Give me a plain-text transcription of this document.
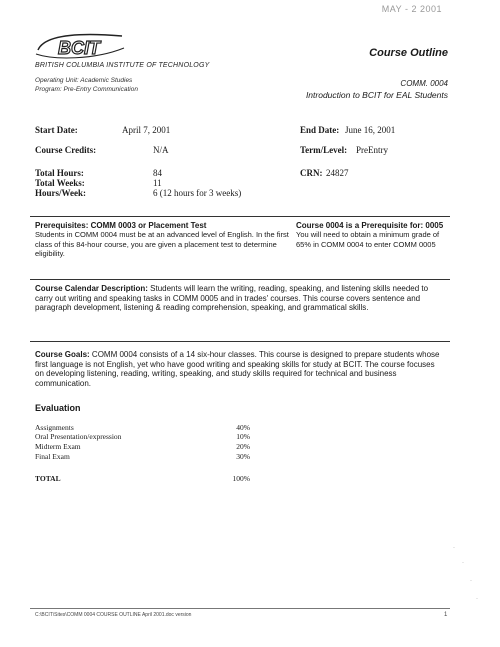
MAY - 2 2001
BCIT
BRITISH COLUMBIA INSTITUTE OF TECHNOLOGY
Operating Unit: Academic Studies
Program: Pre-Entry Communication
Course Outline
COMM. 0004
Introduction to BCIT for EAL Students
Start Date:	April 7, 2001	End Date: June 16, 2001
Course Credits:	N/A	Term/Level: PreEntry
Total Hours:	84	CRN: 24827
Total Weeks:	11
Hours/Week:	6 (12 hours for 3 weeks)
Prerequisites: COMM 0003 or Placement Test
Students in COMM 0004 must be at an advanced level of English. In the first class of this 84-hour course, you are given a placement test to determine eligibility.
Course 0004 is a Prerequisite for: 0005
You will need to obtain a minimum grade of 65% in COMM 0004 to enter COMM 0005
Course Calendar Description: Students will learn the writing, reading, speaking, and listening skills needed to carry out writing and speaking tasks in COMM 0005 and in trades' courses. This course covers sentence and paragraph development, listening & reading comprehension, speaking, and grammatical skills.
Course Goals: COMM 0004 consists of a 14 six-hour classes. This course is designed to prepare students whose first language is not English, yet who have good writing and speaking skills for study at BCIT. The course focuses on developing listening, reading, writing, speaking, and study skills required for technical and business communication.
Evaluation
Assignments	40%
Oral Presentation/expression	10%
Midterm Exam	20%
Final Exam	30%
TOTAL	100%
·
·
·
·
C:\BCIT\Sites\COMM 0004 COURSE OUTLINE April 2001.doc version	1
